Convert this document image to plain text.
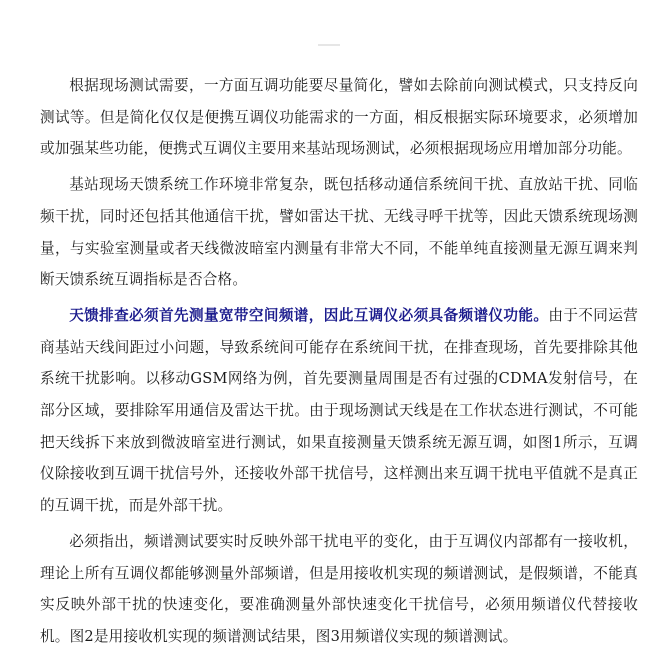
根据现场测试需要，一方面互调功能要尽量简化，譬如去除前向测试模式，只支持反向测试等。但是简化仅仅是便携互调仪功能需求的一方面，相反根据实际环境要求，必须增加或加强某些功能，便携式互调仪主要用来基站现场测试，必须根据现场应用增加部分功能。

基站现场天馈系统工作环境非常复杂，既包括移动通信系统间干扰、直放站干扰、同临频干扰，同时还包括其他通信干扰，譬如雷达干扰、无线寻呼干扰等，因此天馈系统现场测量，与实验室测量或者天线微波暗室内测量有非常大不同，不能单纯直接测量无源互调来判断天馈系统互调指标是否合格。

天馈排查必须首先测量宽带空间频谱，因此互调仪必须具备频谱仪功能。由于不同运营商基站天线间距过小问题，导致系统间可能存在系统间干扰，在排查现场，首先要排除其他系统干扰影响。以移动GSM网络为例，首先要测量周围是否有过强的CDMA发射信号，在部分区域，要排除军用通信及雷达干扰。由于现场测试天线是在工作状态进行测试，不可能把天线拆下来放到微波暗室进行测试，如果直接测量天馈系统无源互调，如图1所示，互调仪除接收到互调干扰信号外，还接收外部干扰信号，这样测出来互调干扰电平值就不是真正的互调干扰，而是外部干扰。

必须指出，频谱测试要实时反映外部干扰电平的变化，由于互调仪内部都有一接收机，理论上所有互调仪都能够测量外部频谱，但是用接收机实现的频谱测试，是假频谱，不能真实反映外部干扰的快速变化，要准确测量外部快速变化干扰信号，必须用频谱仪代替接收机。图2是用接收机实现的频谱测试结果，图3用频谱仪实现的频谱测试。
